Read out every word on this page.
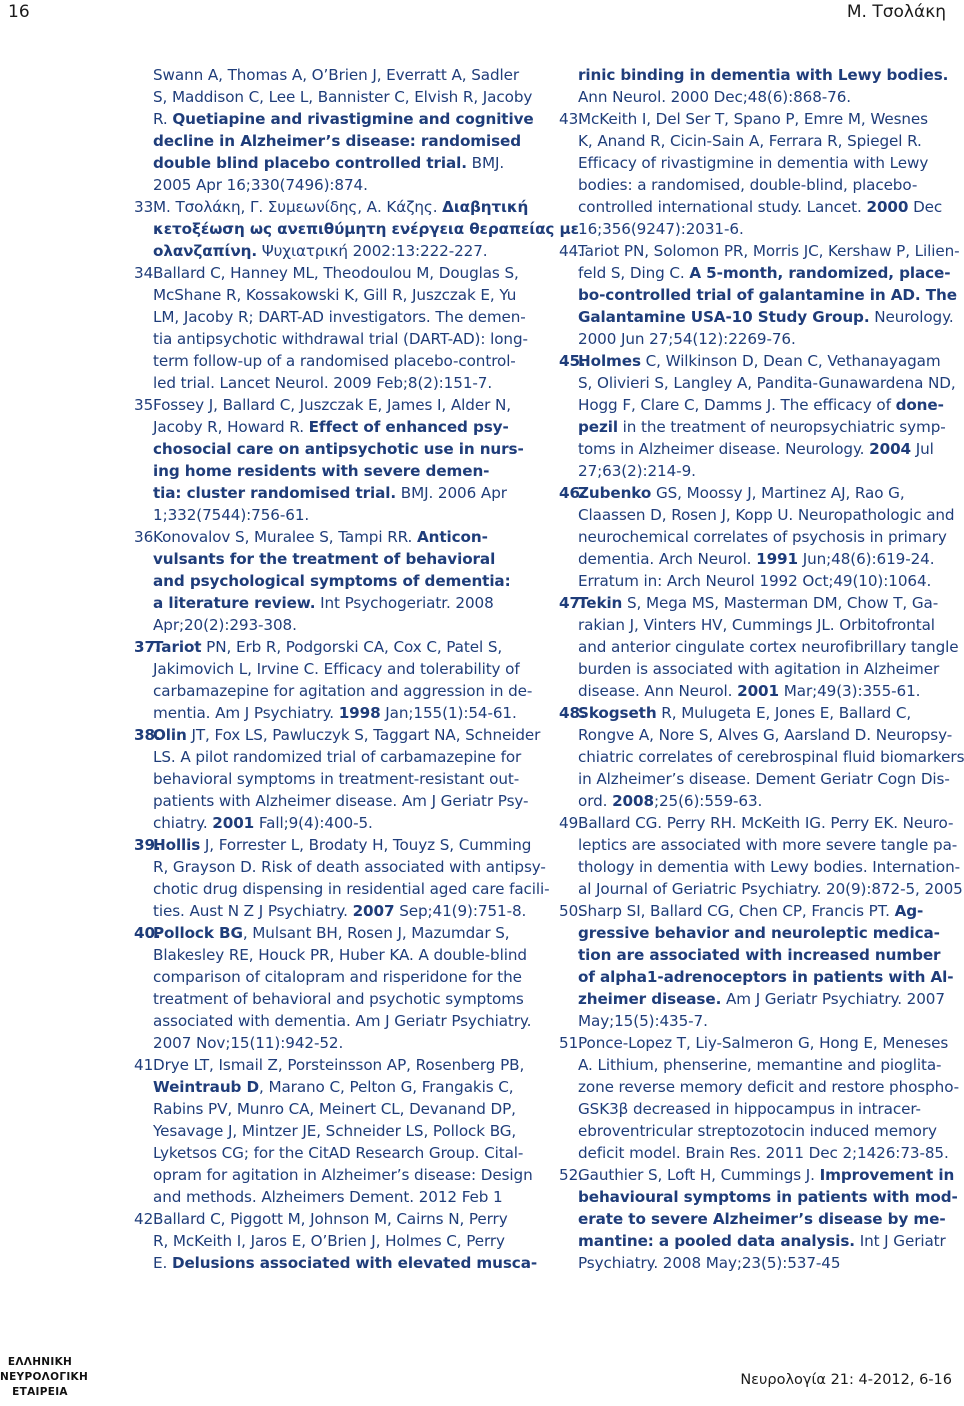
16	Μ. Τσολάκη
Swann A, Thomas A, O’Brien J, Everratt A, Sadler
S, Maddison C, Lee L, Bannister C, Elvish R, Jacoby
R. Quetiapine and rivastigmine and cognitive
decline in Alzheimer’s disease: randomised
double blind placebo controlled trial. BMJ.
2005 Apr 16;330(7496):874.
33.Μ. Τσολάκη, Γ. Συμεωνίδης, Α. Κάζης. Διαβητική
κετοξέωση ως ανεπιθύμητη ενέργεια θεραπείας με
ολανζαπίνη. Ψυχιατρική 2002:13:222-227.
34.Ballard C, Hanney ML, Theodoulou M, Douglas S,
McShane R, Kossakowski K, Gill R, Juszczak E, Yu
LM, Jacoby R; DART-AD investigators. The demen-
tia antipsychotic withdrawal trial (DART-AD): long-
term follow-up of a randomised placebo-control-
led trial. Lancet Neurol. 2009 Feb;8(2):151-7.
35.Fossey J, Ballard C, Juszczak E, James I, Alder N,
Jacoby R, Howard R. Effect of enhanced psy-
chosocial care on antipsychotic use in nurs-
ing home residents with severe demen-
tia: cluster randomised trial. BMJ. 2006 Apr
1;332(7544):756-61.
36.Konovalov S, Muralee S, Tampi RR. Anticon-
vulsants for the treatment of behavioral
and psychological symptoms of dementia:
a literature review. Int Psychogeriatr. 2008
Apr;20(2):293-308.
37.Tariot PN, Erb R, Podgorski CA, Cox C, Patel S,
Jakimovich L, Irvine C. Efficacy and tolerability of
carbamazepine for agitation and aggression in de-
mentia. Am J Psychiatry. 1998 Jan;155(1):54-61.
38.Olin JT, Fox LS, Pawluczyk S, Taggart NA, Schneider
LS. A pilot randomized trial of carbamazepine for
behavioral symptoms in treatment-resistant out-
patients with Alzheimer disease. Am J Geriatr Psy-
chiatry. 2001 Fall;9(4):400-5.
39.Hollis J, Forrester L, Brodaty H, Touyz S, Cumming
R, Grayson D. Risk of death associated with antipsy-
chotic drug dispensing in residential aged care facili-
ties. Aust N Z J Psychiatry. 2007 Sep;41(9):751-8.
40.Pollock BG, Mulsant BH, Rosen J, Mazumdar S,
Blakesley RE, Houck PR, Huber KA. A double-blind
comparison of citalopram and risperidone for the
treatment of behavioral and psychotic symptoms
associated with dementia. Am J Geriatr Psychiatry.
2007 Nov;15(11):942-52.
41.Drye LT, Ismail Z, Porsteinsson AP, Rosenberg PB,
Weintraub D, Marano C, Pelton G, Frangakis C,
Rabins PV, Munro CA, Meinert CL, Devanand DP,
Yesavage J, Mintzer JE, Schneider LS, Pollock BG,
Lyketsos CG; for the CitAD Research Group. Cital-
opram for agitation in Alzheimer’s disease: Design
and methods. Alzheimers Dement. 2012 Feb 1
42.Ballard C, Piggott M, Johnson M, Cairns N, Perry
R, McKeith I, Jaros E, O’Brien J, Holmes C, Perry
E. Delusions associated with elevated musca-
rinic binding in dementia with Lewy bodies.
Ann Neurol. 2000 Dec;48(6):868-76.
43.McKeith I, Del Ser T, Spano P, Emre M, Wesnes
K, Anand R, Cicin-Sain A, Ferrara R, Spiegel R.
Efficacy of rivastigmine in dementia with Lewy
bodies: a randomised, double-blind, placebo-
controlled international study. Lancet. 2000 Dec
16;356(9247):2031-6.
44.Tariot PN, Solomon PR, Morris JC, Kershaw P, Lilien-
feld S, Ding C. A 5-month, randomized, place-
bo-controlled trial of galantamine in AD. The
Galantamine USA-10 Study Group. Neurology.
2000 Jun 27;54(12):2269-76.
45.Holmes C, Wilkinson D, Dean C, Vethanayagam
S, Olivieri S, Langley A, Pandita-Gunawardena ND,
Hogg F, Clare C, Damms J. The efficacy of done-
pezil in the treatment of neuropsychiatric symp-
toms in Alzheimer disease. Neurology. 2004 Jul
27;63(2):214-9.
46.Zubenko GS, Moossy J, Martinez AJ, Rao G,
Claassen D, Rosen J, Kopp U. Neuropathologic and
neurochemical correlates of psychosis in primary
dementia. Arch Neurol. 1991 Jun;48(6):619-24.
Erratum in: Arch Neurol 1992 Oct;49(10):1064.
47.Tekin S, Mega MS, Masterman DM, Chow T, Ga-
rakian J, Vinters HV, Cummings JL. Orbitofrontal
and anterior cingulate cortex neurofibrillary tangle
burden is associated with agitation in Alzheimer
disease. Ann Neurol. 2001 Mar;49(3):355-61.
48.Skogseth R, Mulugeta E, Jones E, Ballard C,
Rongve A, Nore S, Alves G, Aarsland D. Neuropsy-
chiatric correlates of cerebrospinal fluid biomarkers
in Alzheimer’s disease. Dement Geriatr Cogn Dis-
ord. 2008;25(6):559-63.
49.Ballard CG. Perry RH. McKeith IG. Perry EK. Neuro-
leptics are associated with more severe tangle pa-
thology in dementia with Lewy bodies. Internation-
al Journal of Geriatric Psychiatry. 20(9):872-5, 2005
50.Sharp SI, Ballard CG, Chen CP, Francis PT. Ag-
gressive behavior and neuroleptic medica-
tion are associated with increased number
of alpha1-adrenoceptors in patients with Al-
zheimer disease. Am J Geriatr Psychiatry. 2007
May;15(5):435-7.
51.Ponce-Lopez T, Liy-Salmeron G, Hong E, Meneses
A. Lithium, phenserine, memantine and pioglita-
zone reverse memory deficit and restore phospho-
GSK3β decreased in hippocampus in intracer-
ebroventricular streptozotocin induced memory
deficit model. Brain Res. 2011 Dec 2;1426:73-85.
52.Gauthier S, Loft H, Cummings J. Improvement in
behavioural symptoms in patients with mod-
erate to severe Alzheimer’s disease by me-
mantine: a pooled data analysis. Int J Geriatr
Psychiatry. 2008 May;23(5):537-45
ΕΛΛΗΝΙΚΗ
ΝΕΥΡΟΛΟΓΙΚΗ
ΕΤΑΙΡΕΙΑ
Νευρολογία 21: 4-2012, 6-16
